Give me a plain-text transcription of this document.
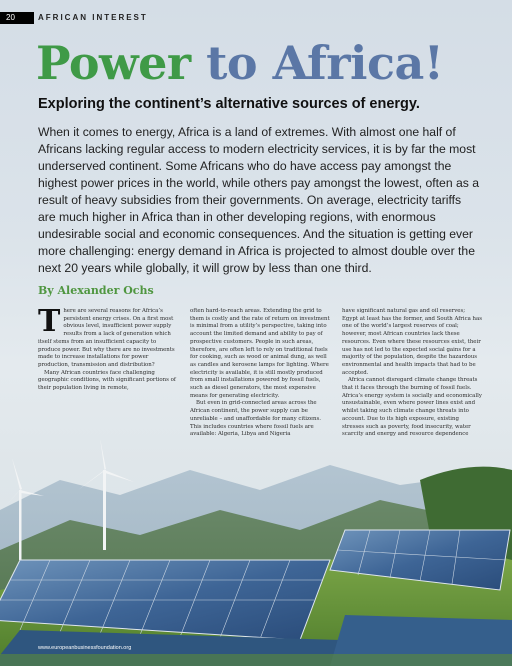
20	AFRICAN INTEREST
Power to Africa!
Exploring the continent’s alternative sources of energy.

When it comes to energy, Africa is a land of extremes. With almost one half of Africans lacking regular access to modern electricity services, it is by far the most underserved continent. Some Africans who do have access pay amongst the highest power prices in the world, while others pay amongst the lowest, often as a result of heavy subsidies from their governments. On average, electricity tariffs are much higher in Africa than in other developing regions, with enormous undesirable social and economic consequences. And the situation is getting ever more challenging: energy demand in Africa is projected to almost double over the next 20 years while globally, it will grow by less than one third.

By Alexander Ochs

There are several reasons for Africa’s persistent energy crises. On a first most obvious level, insufficient power supply results from a lack of generation which itself stems from an insufficient capacity to produce power. But why there are no investments made to increase installations for power production, transmission and distribution?

Many African countries face challenging geographic conditions, with significant portions of their population living in remote,

often hard-to-reach areas. Extending the grid to them is costly and the rate of return on investment is minimal from a utility’s perspective, taking into account the limited demand and ability to pay of prospective customers. People in such areas, therefore, are often left to rely on traditional fuels for cooking, such as wood or animal dung, as well as candles and kerosene lamps for lighting. Where electricity is available, it is still mostly produced from small installations powered by fossil fuels, such as diesel generators, the most expensive means for generating electricity.

But even in grid-connected areas across the African continent, the power supply can be unreliable – and unaffordable for many citizens. This includes countries where fossil fuels are available: Algeria, Libya and Nigeria

have significant natural gas and oil reserves; Egypt at least has the former, and South Africa has one of the world’s largest reserves of coal; however, most African countries lack these resources. Even where these resources exist, their use has not led to the expected social gains for a majority of the population, despite the hazardous environmental and health impacts that had to be accepted.

Africa cannot disregard climate change threats that it faces through the burning of fossil fuels. Africa’s energy system is socially and economically unsustainable, even where power lines exist and whilst taking such climate change threats into account. Due to its high exposure, existing stresses such as poverty, food insecurity, water scarcity and energy and resource dependence

www.europeanbusinessfoundation.org
